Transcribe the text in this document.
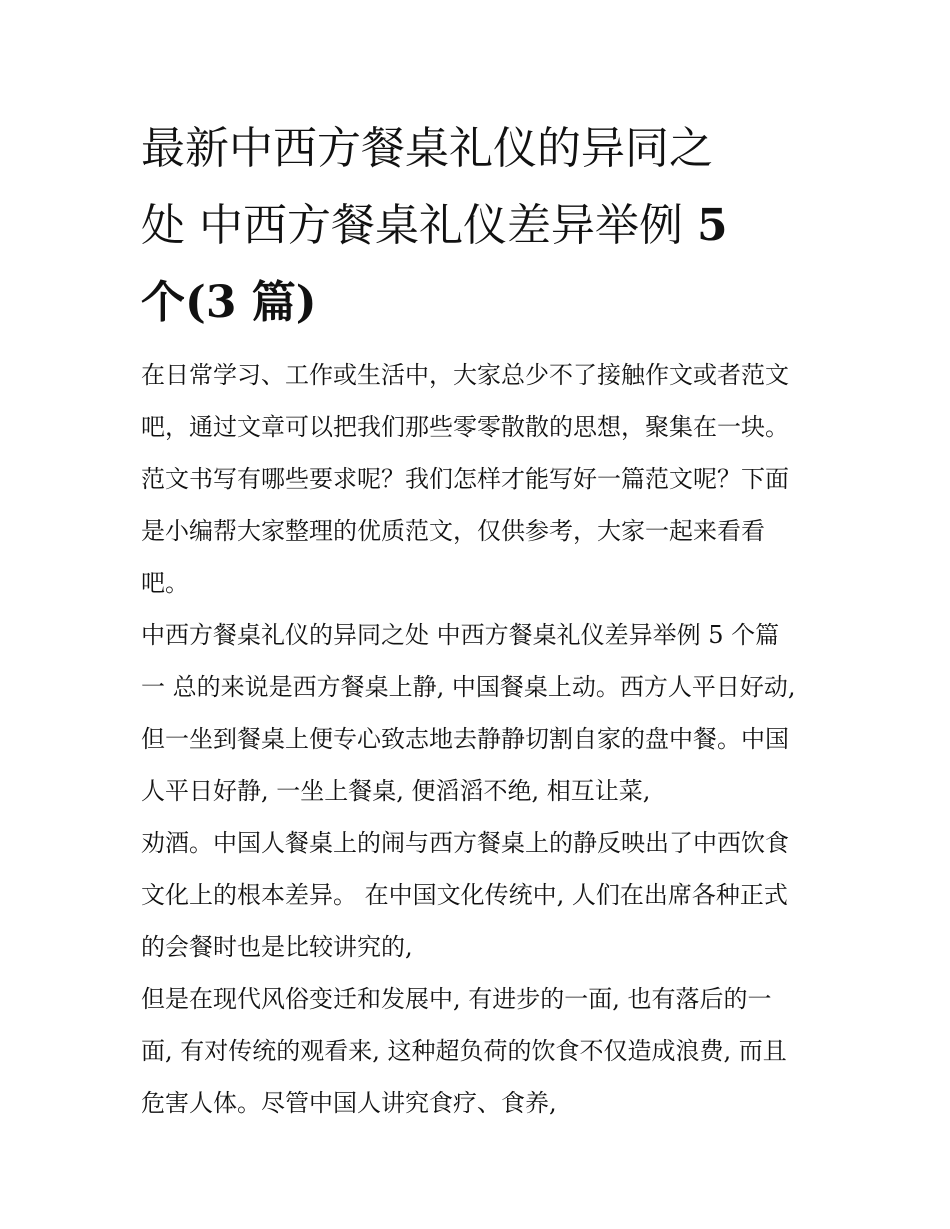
最新中西方餐桌礼仪的异同之
处 中西方餐桌礼仪差异举例 5
个(3 篇)
在日常学习、工作或生活中，大家总少不了接触作文或者范文
吧，通过文章可以把我们那些零零散散的思想，聚集在一块。
范文书写有哪些要求呢？我们怎样才能写好一篇范文呢？下面
是小编帮大家整理的优质范文，仅供参考，大家一起来看看
吧。
中西方餐桌礼仪的异同之处 中西方餐桌礼仪差异举例 5 个篇
一 总的来说是西方餐桌上静, 中国餐桌上动。西方人平日好动,
但一坐到餐桌上便专心致志地去静静切割自家的盘中餐。中国
人平日好静, 一坐上餐桌, 便滔滔不绝, 相互让菜,
劝酒。中国人餐桌上的闹与西方餐桌上的静反映出了中西饮食
文化上的根本差异。 在中国文化传统中, 人们在出席各种正式
的会餐时也是比较讲究的,
但是在现代风俗变迁和发展中, 有进步的一面, 也有落后的一
面, 有对传统的观看来, 这种超负荷的饮食不仅造成浪费, 而且
危害人体。尽管中国人讲究食疗、食养,
